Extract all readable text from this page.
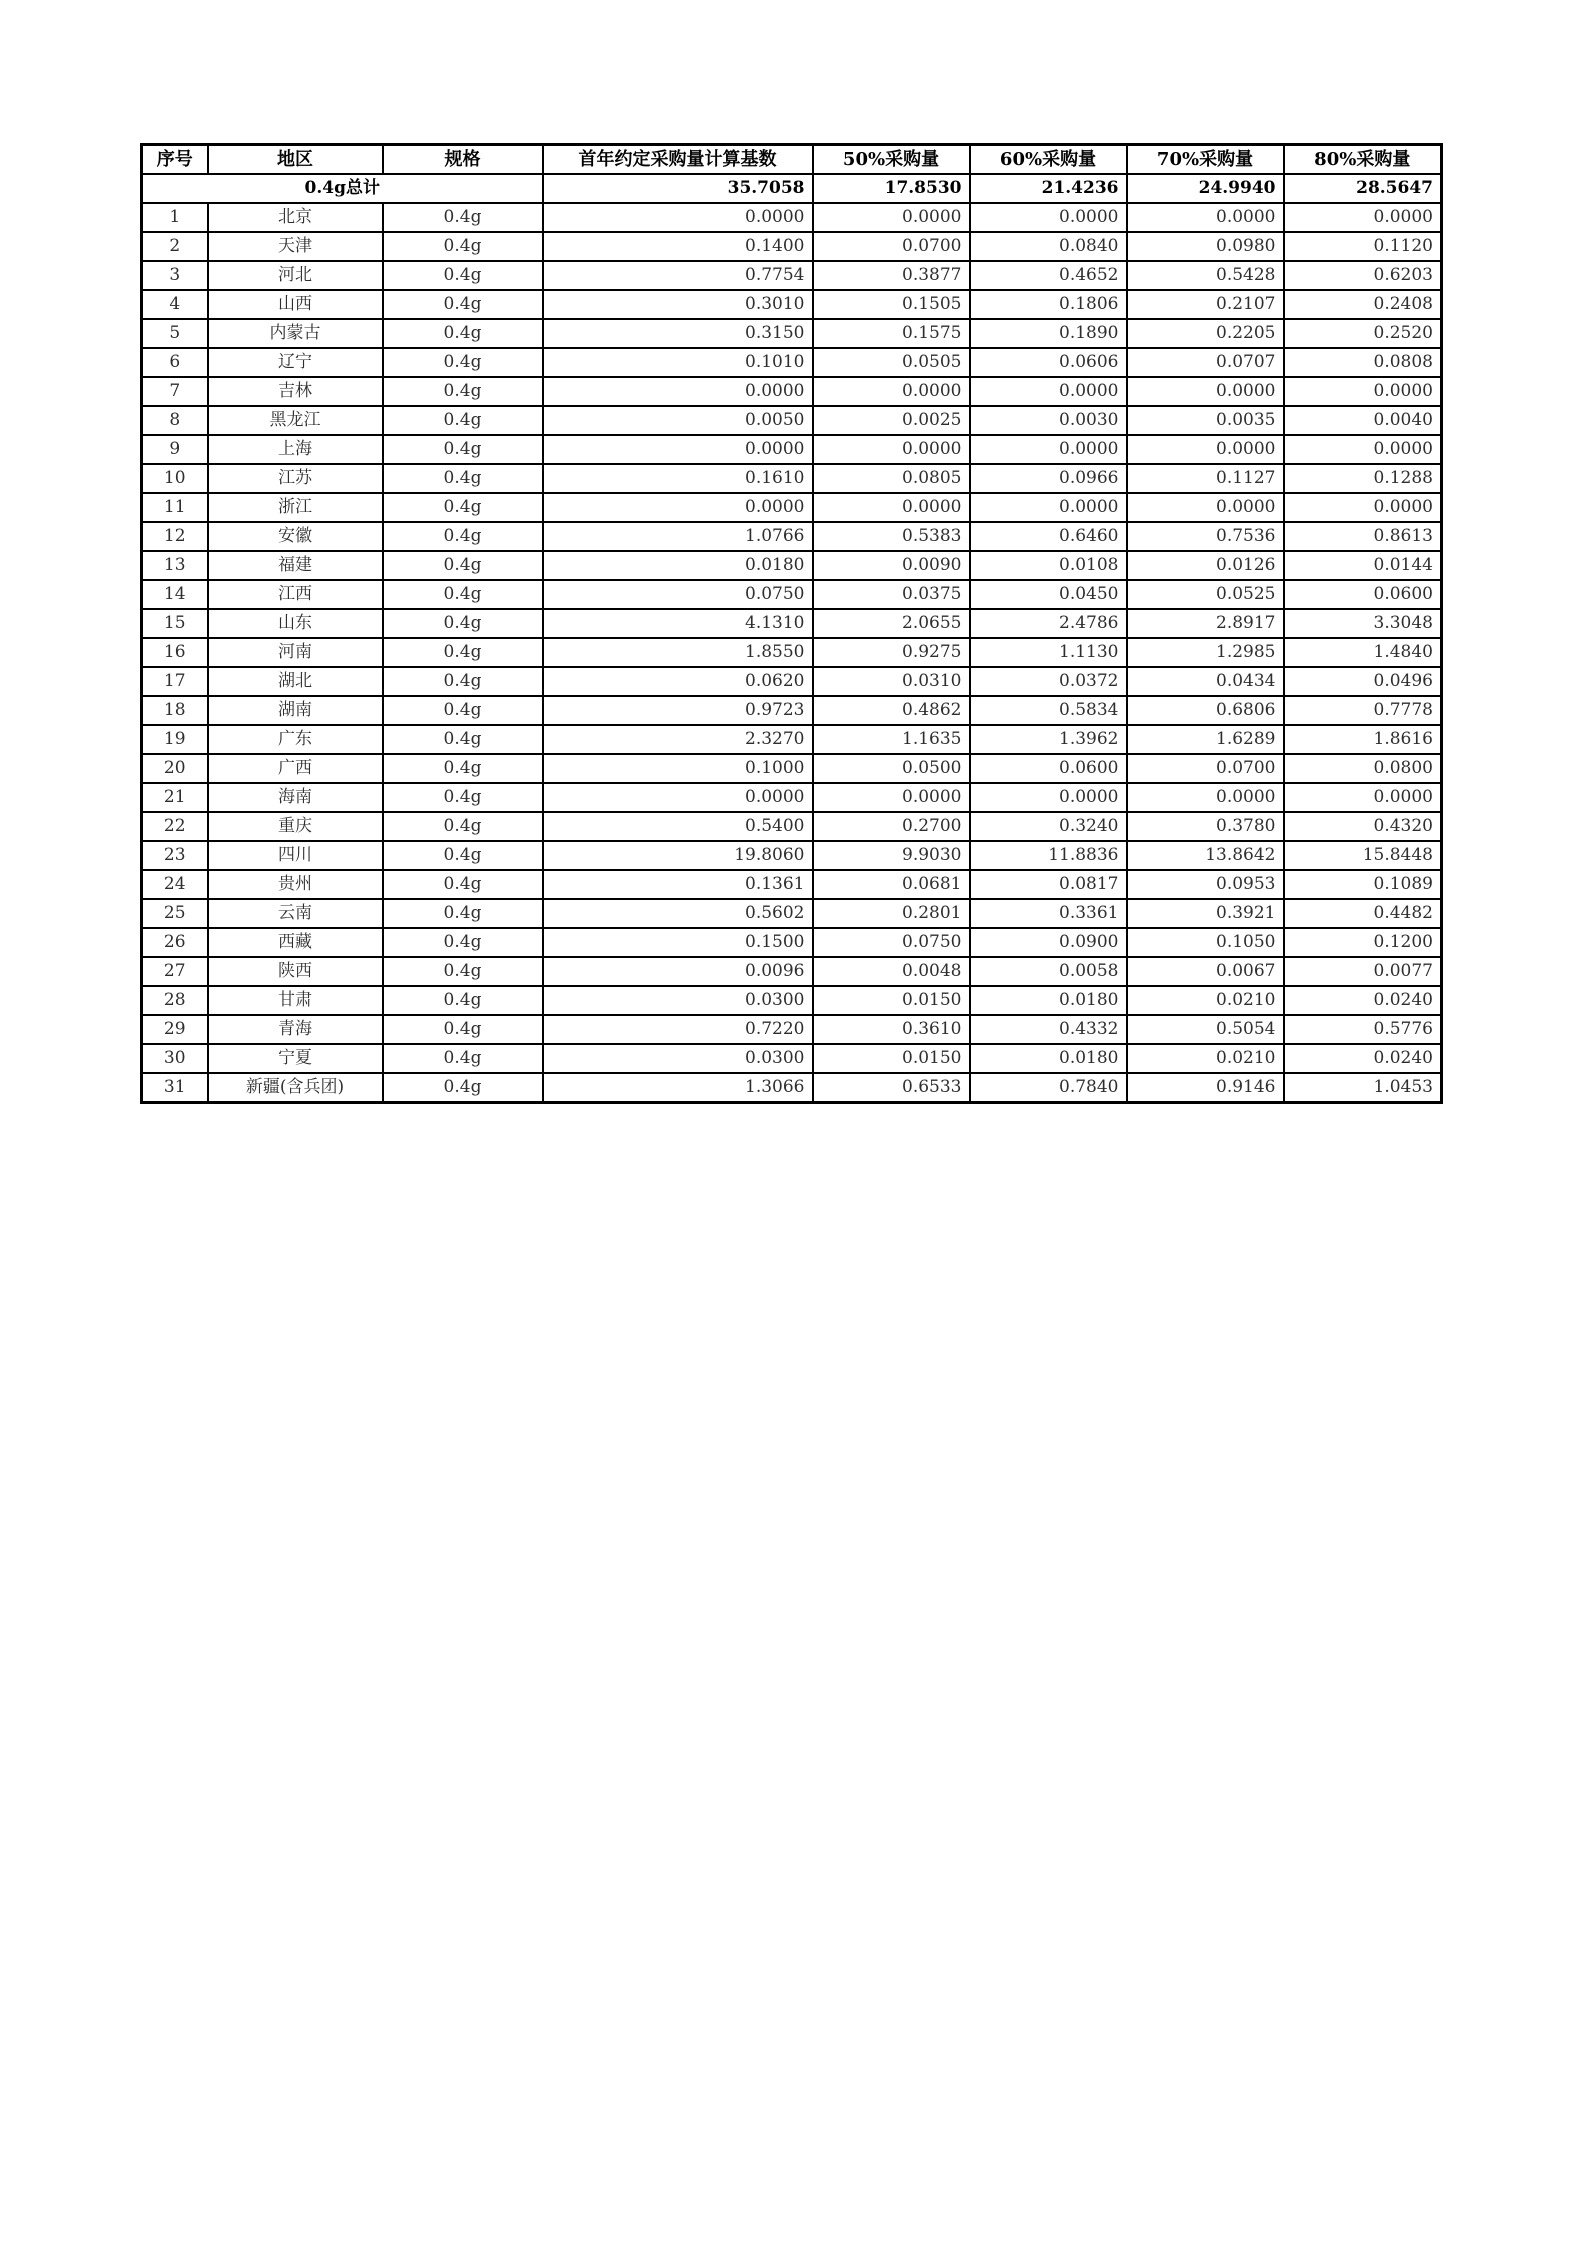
序号	地区	规格	首年约定采购量计算基数	50%采购量	60%采购量	70%采购量	80%采购量
0.4g总计			35.7058	17.8530	21.4236	24.9940	28.5647
1	北京	0.4g	0.0000	0.0000	0.0000	0.0000	0.0000
2	天津	0.4g	0.1400	0.0700	0.0840	0.0980	0.1120
3	河北	0.4g	0.7754	0.3877	0.4652	0.5428	0.6203
4	山西	0.4g	0.3010	0.1505	0.1806	0.2107	0.2408
5	内蒙古	0.4g	0.3150	0.1575	0.1890	0.2205	0.2520
6	辽宁	0.4g	0.1010	0.0505	0.0606	0.0707	0.0808
7	吉林	0.4g	0.0000	0.0000	0.0000	0.0000	0.0000
8	黑龙江	0.4g	0.0050	0.0025	0.0030	0.0035	0.0040
9	上海	0.4g	0.0000	0.0000	0.0000	0.0000	0.0000
10	江苏	0.4g	0.1610	0.0805	0.0966	0.1127	0.1288
11	浙江	0.4g	0.0000	0.0000	0.0000	0.0000	0.0000
12	安徽	0.4g	1.0766	0.5383	0.6460	0.7536	0.8613
13	福建	0.4g	0.0180	0.0090	0.0108	0.0126	0.0144
14	江西	0.4g	0.0750	0.0375	0.0450	0.0525	0.0600
15	山东	0.4g	4.1310	2.0655	2.4786	2.8917	3.3048
16	河南	0.4g	1.8550	0.9275	1.1130	1.2985	1.4840
17	湖北	0.4g	0.0620	0.0310	0.0372	0.0434	0.0496
18	湖南	0.4g	0.9723	0.4862	0.5834	0.6806	0.7778
19	广东	0.4g	2.3270	1.1635	1.3962	1.6289	1.8616
20	广西	0.4g	0.1000	0.0500	0.0600	0.0700	0.0800
21	海南	0.4g	0.0000	0.0000	0.0000	0.0000	0.0000
22	重庆	0.4g	0.5400	0.2700	0.3240	0.3780	0.4320
23	四川	0.4g	19.8060	9.9030	11.8836	13.8642	15.8448
24	贵州	0.4g	0.1361	0.0681	0.0817	0.0953	0.1089
25	云南	0.4g	0.5602	0.2801	0.3361	0.3921	0.4482
26	西藏	0.4g	0.1500	0.0750	0.0900	0.1050	0.1200
27	陕西	0.4g	0.0096	0.0048	0.0058	0.0067	0.0077
28	甘肃	0.4g	0.0300	0.0150	0.0180	0.0210	0.0240
29	青海	0.4g	0.7220	0.3610	0.4332	0.5054	0.5776
30	宁夏	0.4g	0.0300	0.0150	0.0180	0.0210	0.0240
31	新疆(含兵团)	0.4g	1.3066	0.6533	0.7840	0.9146	1.0453
